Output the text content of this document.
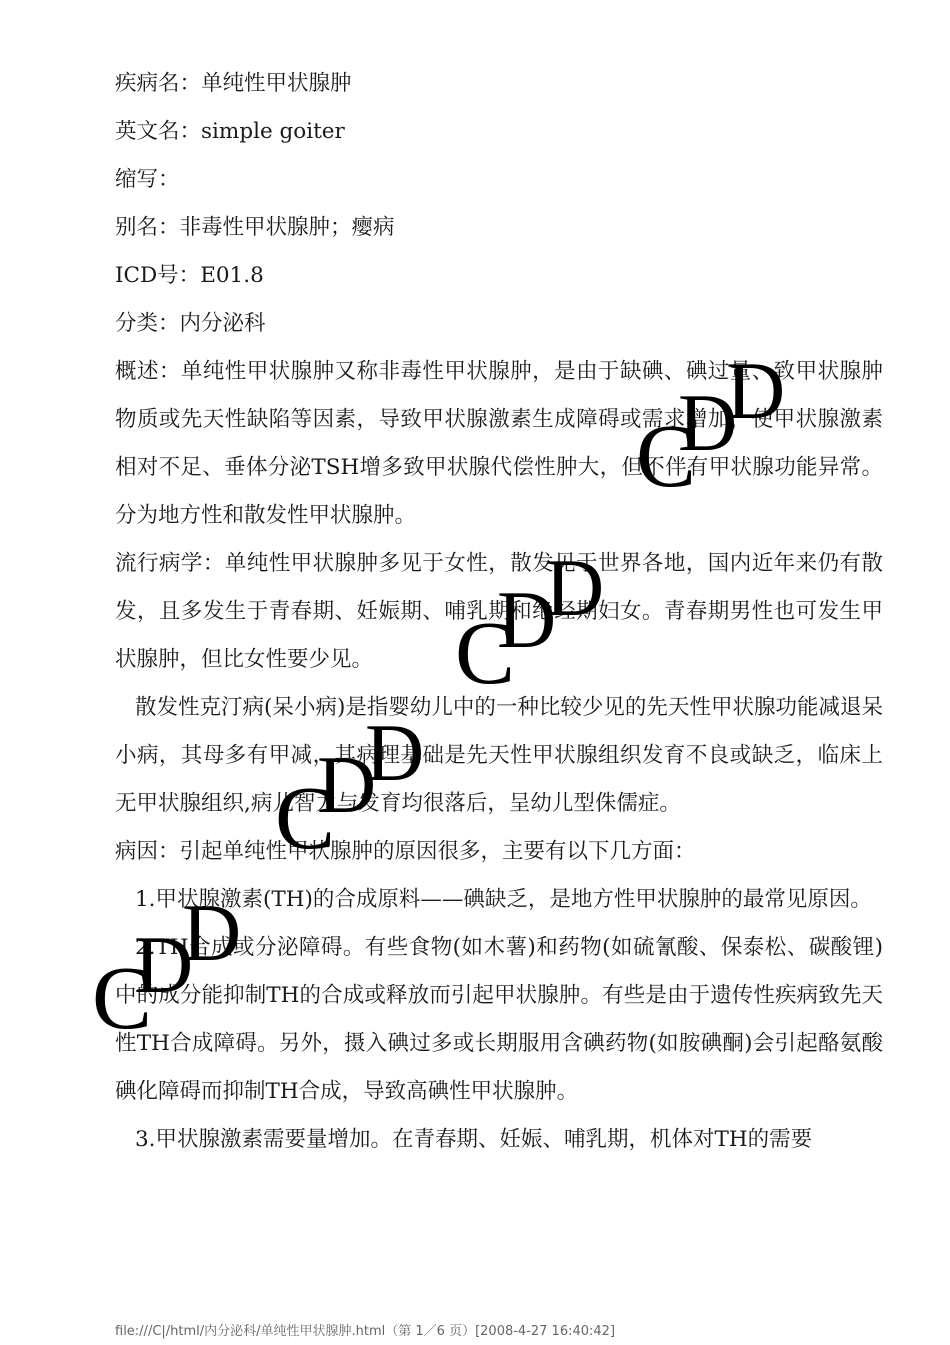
疾病名：单纯性甲状腺肿

英文名：simple goiter

缩写：

别名：非毒性甲状腺肿；瘿病

ICD号：E01.8

分类：内分泌科

概述：单纯性甲状腺肿又称非毒性甲状腺肿，是由于缺碘、碘过量、致甲状腺肿物质或先天性缺陷等因素，导致甲状腺激素生成障碍或需求增加，使甲状腺激素相对不足、垂体分泌TSH增多致甲状腺代偿性肿大，但不伴有甲状腺功能异常。分为地方性和散发性甲状腺肿。

流行病学：单纯性甲状腺肿多见于女性，散发见于世界各地，国内近年来仍有散发，且多发生于青春期、妊娠期、哺乳期和绝经期妇女。青春期男性也可发生甲状腺肿，但比女性要少见。

散发性克汀病(呆小病)是指婴幼儿中的一种比较少见的先天性甲状腺功能减退呆小病，其母多有甲减，其病理基础是先天性甲状腺组织发育不良或缺乏，临床上无甲状腺组织,病儿智力与发育均很落后，呈幼儿型侏儒症。

病因：引起单纯性甲状腺肿的原因很多，主要有以下几方面：

1.甲状腺激素(TH)的合成原料——碘缺乏，是地方性甲状腺肿的最常见原因。

2.TH合成或分泌障碍。有些食物(如木薯)和药物(如硫氰酸、保泰松、碳酸锂)中的成分能抑制TH的合成或释放而引起甲状腺肿。有些是由于遗传性疾病致先天性TH合成障碍。另外，摄入碘过多或长期服用含碘药物(如胺碘酮)会引起酪氨酸碘化障碍而抑制TH合成，导致高碘性甲状腺肿。

3.甲状腺激素需要量增加。在青春期、妊娠、哺乳期，机体对TH的需要

C
D
D
C
D
D
C
D
D
C
D
D
file:///C|/html/内分泌科/单纯性甲状腺肿.html（第 1／6 页）[2008-4-27 16:40:42]
